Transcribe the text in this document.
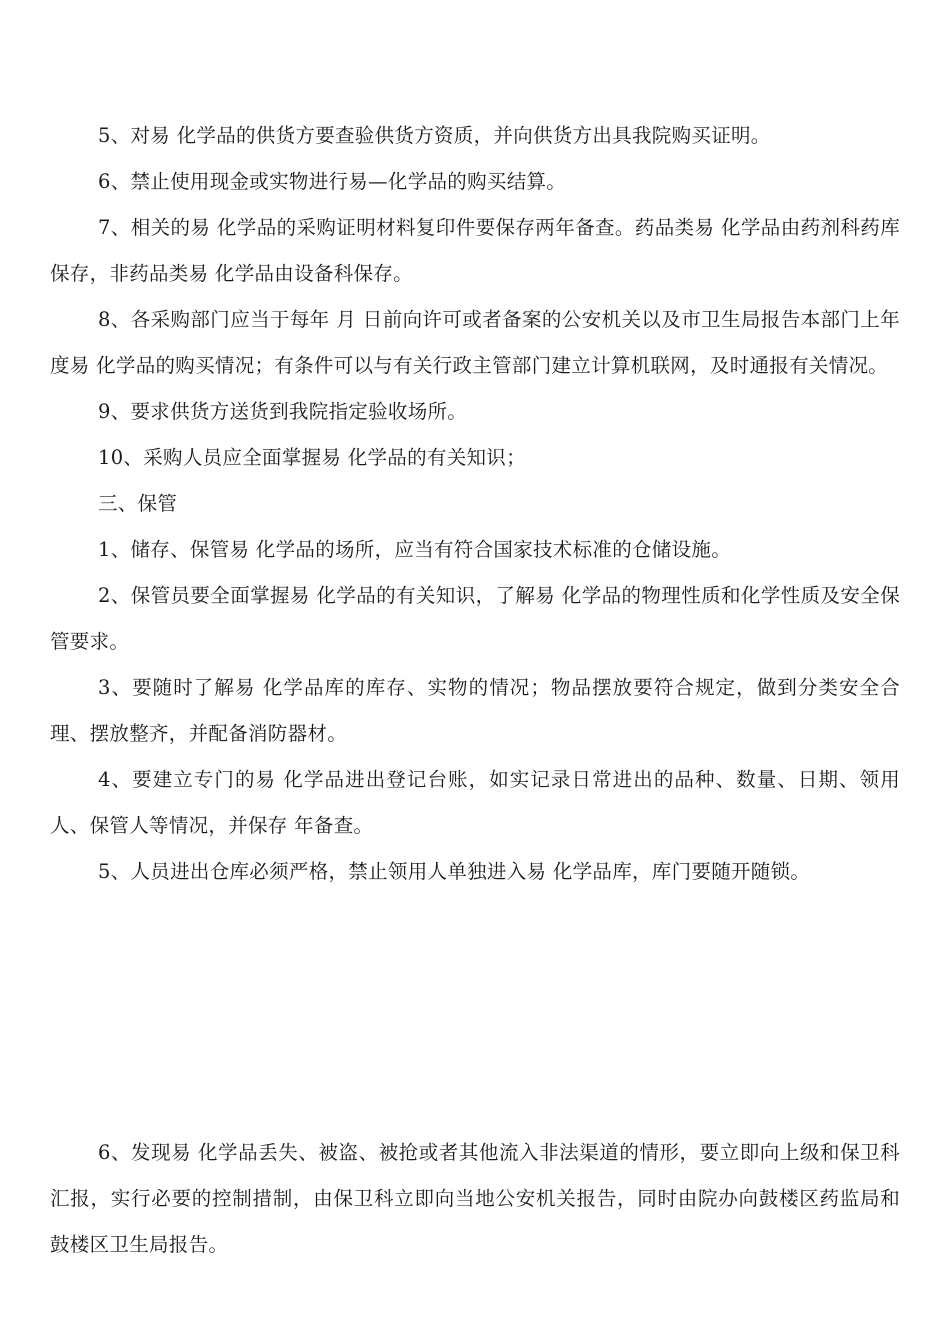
5、对易 化学品的供货方要查验供货方资质，并向供货方出具我院购买证明。

6、禁止使用现金或实物进行易—化学品的购买结算。

7、相关的易 化学品的采购证明材料复印件要保存两年备查。药品类易 化学品由药剂科药库保存，非药品类易 化学品由设备科保存。

8、各采购部门应当于每年 月 日前向许可或者备案的公安机关以及市卫生局报告本部门上年度易 化学品的购买情况；有条件可以与有关行政主管部门建立计算机联网，及时通报有关情况。

9、要求供货方送货到我院指定验收场所。

10、采购人员应全面掌握易 化学品的有关知识；

三、保管

1、储存、保管易 化学品的场所，应当有符合国家技术标准的仓储设施。

2、保管员要全面掌握易 化学品的有关知识，了解易 化学品的物理性质和化学性质及安全保管要求。

3、要随时了解易 化学品库的库存、实物的情况；物品摆放要符合规定，做到分类安全合理、摆放整齐，并配备消防器材。

4、要建立专门的易 化学品进出登记台账，如实记录日常进出的品种、数量、日期、领用人、保管人等情况，并保存 年备查。

5、人员进出仓库必须严格，禁止领用人单独进入易 化学品库，库门要随开随锁。

6、发现易 化学品丢失、被盗、被抢或者其他流入非法渠道的情形，要立即向上级和保卫科汇报，实行必要的控制措制，由保卫科立即向当地公安机关报告，同时由院办向鼓楼区药监局和鼓楼区卫生局报告。
